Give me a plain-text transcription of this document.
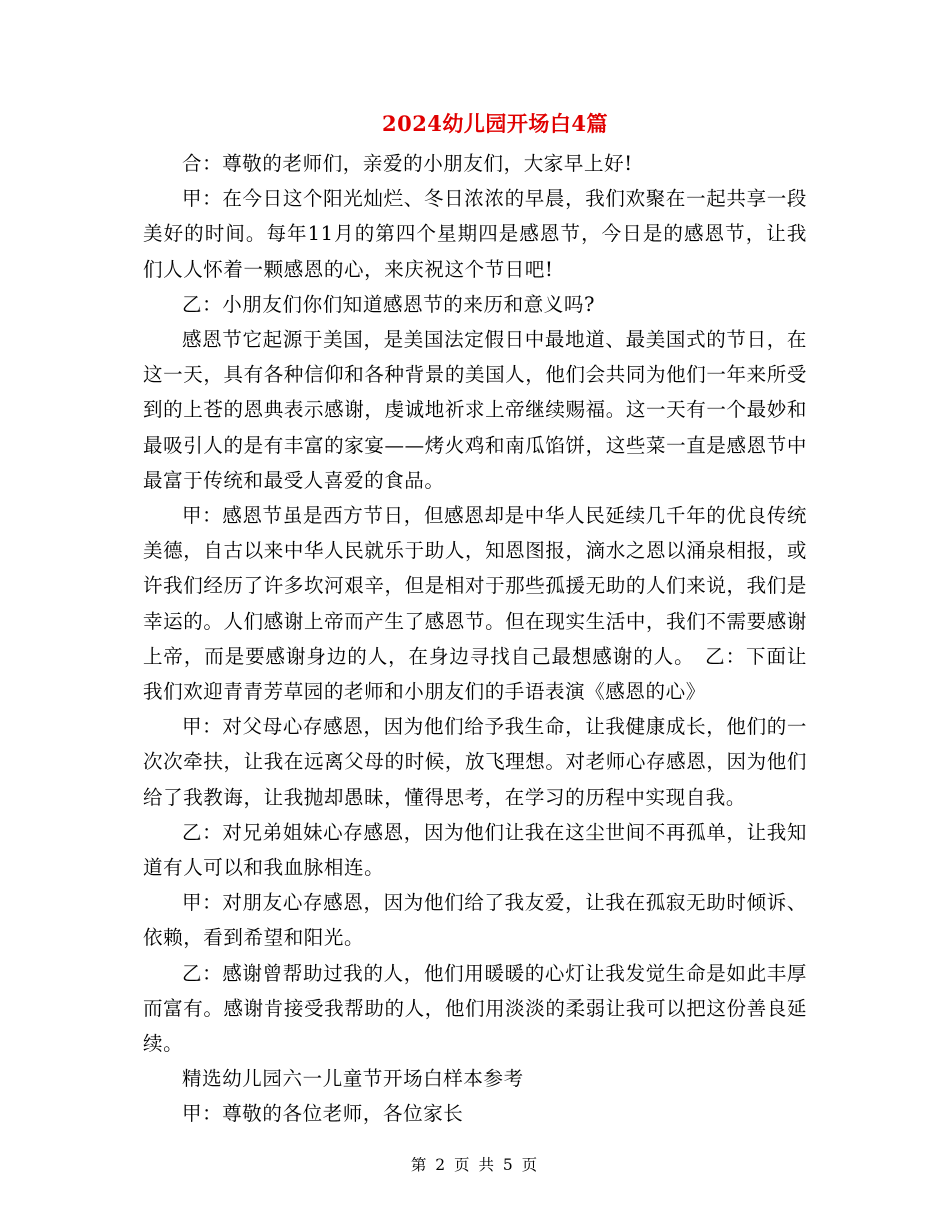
2024幼儿园开场白4篇

合：尊敬的老师们，亲爱的小朋友们，大家早上好!

甲：在今日这个阳光灿烂、冬日浓浓的早晨，我们欢聚在一起共享一段美好的时间。每年11月的第四个星期四是感恩节，今日是的感恩节，让我们人人怀着一颗感恩的心，来庆祝这个节日吧!

乙：小朋友们你们知道感恩节的来历和意义吗?

感恩节它起源于美国，是美国法定假日中最地道、最美国式的节日，在这一天，具有各种信仰和各种背景的美国人，他们会共同为他们一年来所受到的上苍的恩典表示感谢，虔诚地祈求上帝继续赐福。这一天有一个最妙和最吸引人的是有丰富的家宴——烤火鸡和南瓜馅饼，这些菜一直是感恩节中最富于传统和最受人喜爱的食品。

甲：感恩节虽是西方节日，但感恩却是中华人民延续几千年的优良传统美德，自古以来中华人民就乐于助人，知恩图报，滴水之恩以涌泉相报，或许我们经历了许多坎河艰辛，但是相对于那些孤援无助的人们来说，我们是幸运的。人们感谢上帝而产生了感恩节。但在现实生活中，我们不需要感谢上帝，而是要感谢身边的人，在身边寻找自己最想感谢的人。　乙：下面让我们欢迎青青芳草园的老师和小朋友们的手语表演《感恩的心》

甲：对父母心存感恩，因为他们给予我生命，让我健康成长，他们的一次次牵扶，让我在远离父母的时候，放飞理想。对老师心存感恩，因为他们给了我教诲，让我抛却愚昧，懂得思考，在学习的历程中实现自我。

乙：对兄弟姐妹心存感恩，因为他们让我在这尘世间不再孤单，让我知道有人可以和我血脉相连。

甲：对朋友心存感恩，因为他们给了我友爱，让我在孤寂无助时倾诉、依赖，看到希望和阳光。

乙：感谢曾帮助过我的人，他们用暖暖的心灯让我发觉生命是如此丰厚而富有。感谢肯接受我帮助的人，他们用淡淡的柔弱让我可以把这份善良延续。

精选幼儿园六一儿童节开场白样本参考

甲：尊敬的各位老师，各位家长

第 2 页 共 5 页
